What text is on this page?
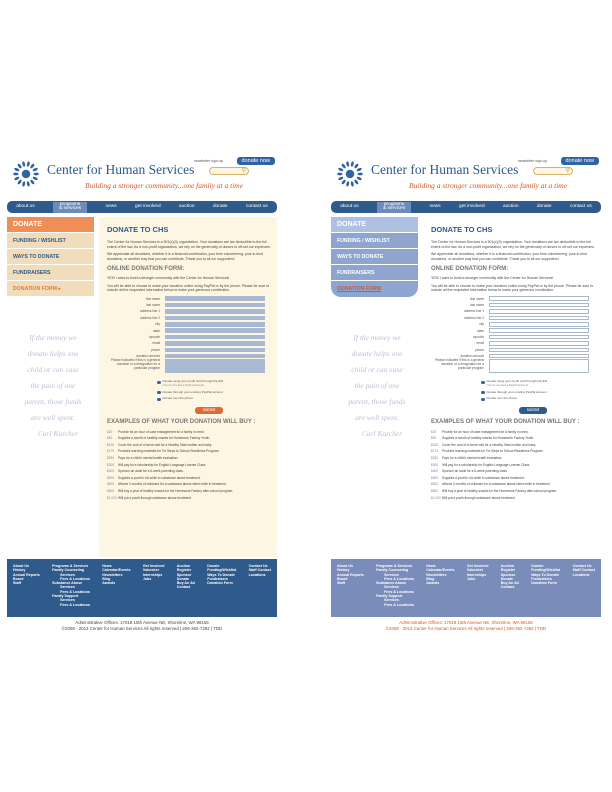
Center for Human Services
Building a stronger community...one family at a time
newsletter sign-up	donate now
⚲
about us	programs
& services	news	get involved	auction	donate	contact us
DONATE
FUNDING / WISHLIST
WAYS TO DONATE
FUNDRAISERS
DONATION FORM ▸
If the money we
donate helps one
child or can ease
the pain of one
parent, those funds
are well spent.
Carl Karcher
DONATE TO CHS

The Center for Human Services is a 501(c)(3) organization. Your donations are tax deductible to the full extent of the law. As a non-profit organization, we rely on the generosity of donors to off-set our expenses.

We appreciate all donations, whether it is a financial contribution, your time volunteering, your in-kind donations, or another way that you can contribute. Thank you to all our supporters!

ONLINE DONATION FORM:

YES! I want to build a stronger community with the Center for Human Services!

You will be able to choose to make your donation online using PayPal or by the phone. Please be sure to include all the requested information below to make your generous contribution.

first name
last name
address line 1
address line 2
city
state
zipcode
email
phone
donation amount
Please indicated if this is a general donation or a designation for a particular program
Donate using your credit card through PayPal
(You do not need a PayPal Account)
Donate through your existing PayPal Account
Donate over the phone
submit
EXAMPLES OF WHAT YOUR DONATION WILL BUY :
$20	Provide for an hour of case management for a family in need.
$50	Supplies a month of healthy snacks for Homework Factory Youth.
$100	Cover the cost of a home visit for a Healthy Start mother and baby.
$175	Provides learning materials for Tot Steps to School Readiness Program.
$250	Pays for a child's mental health evaluation.
$300	Will pay for a scholarship for English Language Learner Class.
$400	Sponsor an adult for a 6-week parenting class.
$500	Supplies a youth's UA while in substance abuse treatment.
$600	Affords 3 months of childcare for a substance abuse client while in treatment.
$800	Will buy a year of healthy snacks for the Homework Factory after-school program.
$1,000 Will put a youth through substance abuse treatment.
About Us
History
Annual Reports
Board
Staff

Programs & Services
Family Counseling

Services
Fees & Locations
Substance Abuse

Services
Fees & Locations
Family Support

Services
Fees & Locations
News
Calendar/Events
Newsletters
Blog
Awards

Get Involved
Volunteer
Internships
Jobs

Auction
Register
Sponsor
Donate
Buy An Ad
Contact

Donate
Funding/Wishlist
Ways To Donate
Fundraisers
Donation Form

Contact Us
Staff Contact
Locations

Administrative Offices: 17018 15th Avenue NE, Shoreline, WA 98155
©2008 - 2013 Center for Human Services All rights reserved | 206-362-7282 | TDD
Center for Human Services
Building a stronger community...one family at a time
newsletter sign-up	donate now
⚲
about us	programs
& services	news	get involved	auction	donate	contact us
DONATE
FUNDING / WISHLIST
WAYS TO DONATE
FUNDRAISERS
DONATION FORM
If the money we
donate helps one
child or can ease
the pain of one
parent, those funds
are well spent.
Carl Karcher
DONATE TO CHS

The Center for Human Services is a 501(c)(3) organization. Your donations are tax deductible to the full extent of the law. As a non-profit organization, we rely on the generosity of donors to off-set our expenses.

We appreciate all donations, whether it is a financial contribution, your time volunteering, your in-kind donations, or another way that you can contribute. Thank you to all our supporters!

ONLINE DONATION FORM:

YES! I want to build a stronger community with the Center for Human Services!

You will be able to choose to make your donation online using PayPal or by the phone. Please be sure to include all the requested information below to make your generous contribution.

first name
last name
address line 1
address line 2
city
state
zipcode
email
phone
donation amount
Please indicated if this is a general donation or a designation for a particular program
Donate using your credit card through PayPal
(You do not need a PayPal Account)
Donate through your existing PayPal Account
Donate over the phone
submit
EXAMPLES OF WHAT YOUR DONATION WILL BUY :
$20	Provide for an hour of case management for a family in need.
$50	Supplies a month of healthy snacks for Homework Factory Youth.
$100	Cover the cost of a home visit for a Healthy Start mother and baby.
$175	Provides learning materials for Tot Steps to School Readiness Program.
$250	Pays for a child's mental health evaluation.
$300	Will pay for a scholarship for English Language Learner Class.
$400	Sponsor an adult for a 6-week parenting class.
$500	Supplies a youth's UA while in substance abuse treatment.
$600	Affords 3 months of childcare for a substance abuse client while in treatment.
$800	Will buy a year of healthy snacks for the Homework Factory after-school program.
$1,000 Will put a youth through substance abuse treatment.
About Us
History
Annual Reports
Board
Staff

Programs & Services
Family Counseling

Services
Fees & Locations
Substance Abuse

Services
Fees & Locations
Family Support

Services
Fees & Locations
News
Calendar/Events
Newsletters
Blog
Awards

Get Involved
Volunteer
Internships
Jobs

Auction
Register
Sponsor
Donate
Buy An Ad
Contact

Donate
Funding/Wishlist
Ways To Donate
Fundraisers
Donation Form

Contact Us
Staff Contact
Locations

Administrative Offices: 17018 15th Avenue NE, Shoreline, WA 98155
©2008 - 2013 Center for Human Services All rights reserved | 206-362-7282 | TDD
